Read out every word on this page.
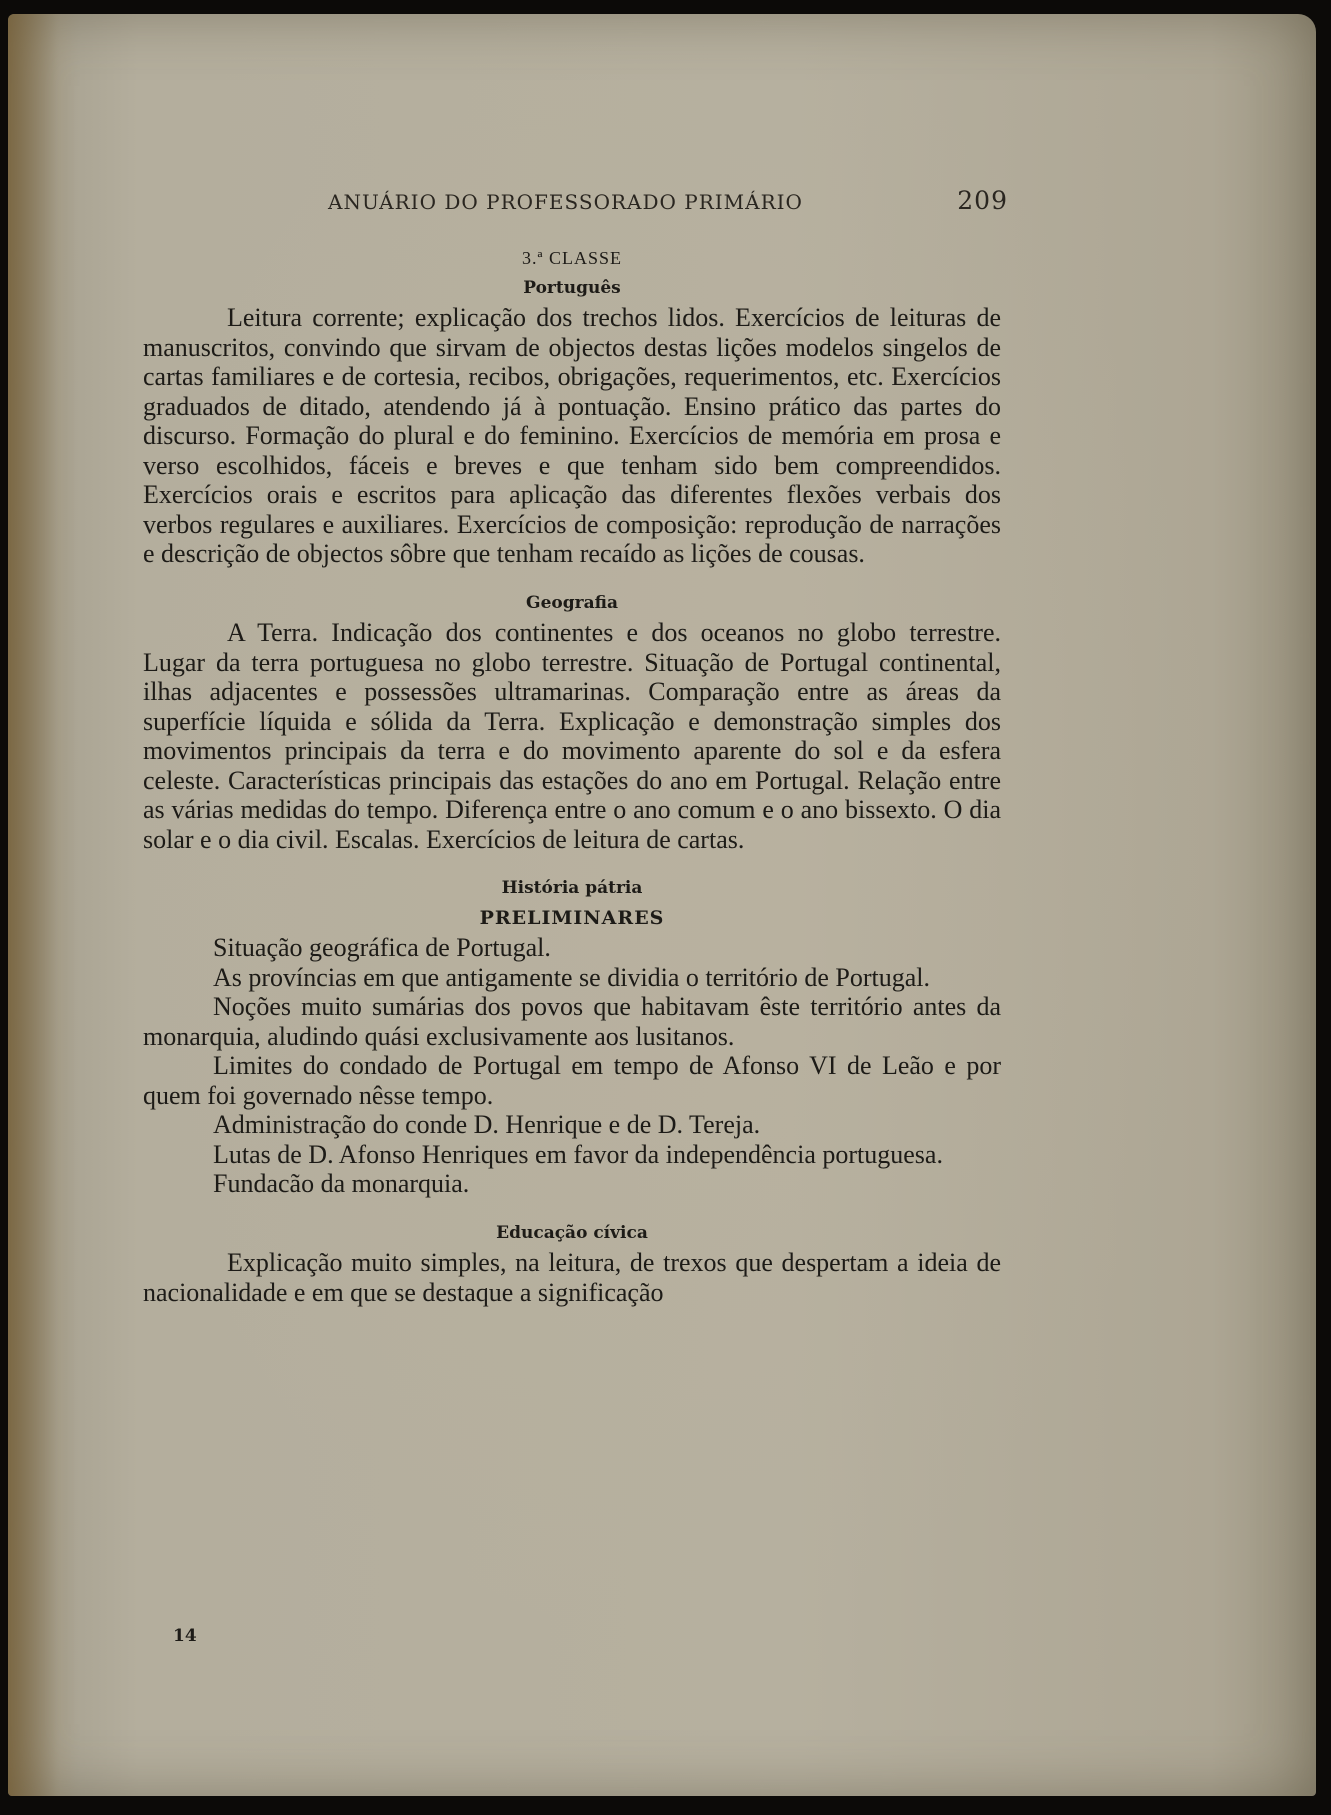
ANUÁRIO DO PROFESSORADO PRIMÁRIO	209

3.ª CLASSE

Português

Leitura corrente; explicação dos trechos lidos. Exercícios de leituras de manuscritos, convindo que sirvam de objectos destas lições modelos singelos de cartas familiares e de cortesia, recibos, obrigações, requerimentos, etc. Exercícios graduados de ditado, atendendo já à pontuação. Ensino prático das partes do discurso. Formação do plural e do feminino. Exercícios de memória em prosa e verso escolhidos, fáceis e breves e que tenham sido bem compreendidos. Exercícios orais e escritos para aplicação das diferentes flexões verbais dos verbos regulares e auxiliares. Exercícios de composição: reprodução de narrações e descrição de objectos sôbre que tenham recaído as lições de cousas.

Geografia

A Terra. Indicação dos continentes e dos oceanos no globo terrestre. Lugar da terra portuguesa no globo terrestre. Situação de Portugal continental, ilhas adjacentes e possessões ultramarinas. Comparação entre as áreas da superfície líquida e sólida da Terra. Explicação e demonstração simples dos movimentos principais da terra e do movimento aparente do sol e da esfera celeste. Características principais das estações do ano em Portugal. Relação entre as várias medidas do tempo. Diferença entre o ano comum e o ano bissexto. O dia solar e o dia civil. Escalas. Exercícios de leitura de cartas.

História pátria

PRELIMINARES

Situação geográfica de Portugal.

As províncias em que antigamente se dividia o território de Portugal.

Noções muito sumárias dos povos que habitavam êste território antes da monarquia, aludindo quási exclusivamente aos lusitanos.

Limites do condado de Portugal em tempo de Afonso VI de Leão e por quem foi governado nêsse tempo.

Administração do conde D. Henrique e de D. Tereja.

Lutas de D. Afonso Henriques em favor da independência portuguesa.

Fundacão da monarquia.

Educação cívica

Explicação muito simples, na leitura, de trexos que despertam a ideia de nacionalidade e em que se destaque a significação

14
